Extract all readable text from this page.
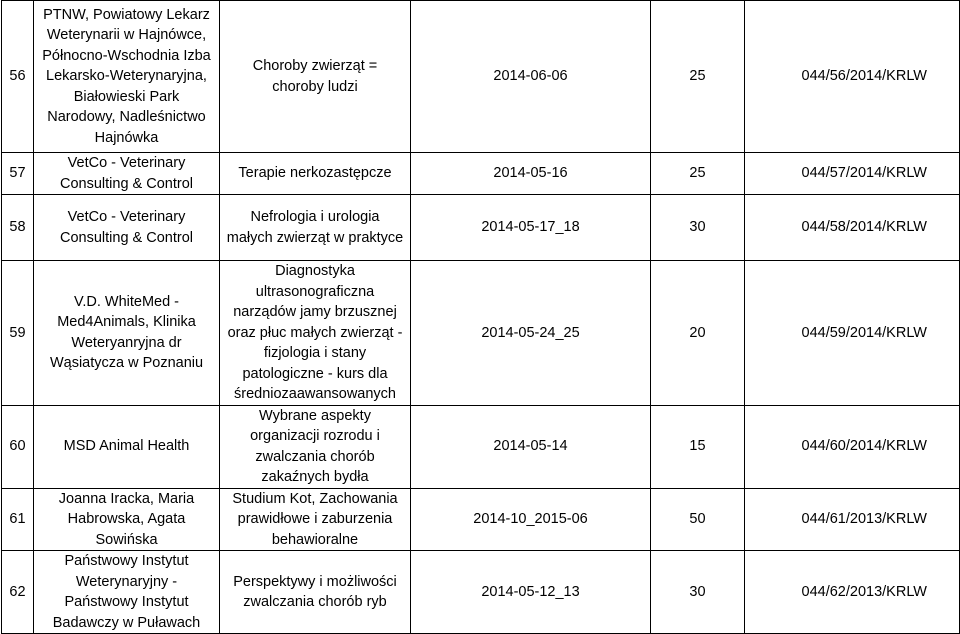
56	PTNW, Powiatowy Lekarz Weterynarii w Hajnówce, Północno-Wschodnia Izba Lekarsko-Weterynaryjna, Białowieski Park Narodowy, Nadleśnictwo Hajnówka	Choroby zwierząt = choroby ludzi	2014-06-06	25	044/56/2014/KRLW
57	VetCo - Veterinary Consulting & Control	Terapie nerkozastępcze	2014-05-16	25	044/57/2014/KRLW
58	VetCo - Veterinary Consulting & Control	Nefrologia i urologia małych zwierząt w praktyce	2014-05-17_18	30	044/58/2014/KRLW
59	V.D. WhiteMed - Med4Animals, Klinika Weteryanryjna dr Wąsiatycza w Poznaniu	Diagnostyka ultrasonograficzna narządów jamy brzusznej oraz płuc małych zwierząt - fizjologia i stany patologiczne - kurs dla średniozaawansowanych	2014-05-24_25	20	044/59/2014/KRLW
60	MSD Animal Health	Wybrane aspekty organizacji rozrodu i zwalczania chorób zakaźnych bydła	2014-05-14	15	044/60/2014/KRLW
61	Joanna Iracka, Maria Habrowska, Agata Sowińska	Studium Kot, Zachowania prawidłowe i zaburzenia behawioralne	2014-10_2015-06	50	044/61/2013/KRLW
62	Państwowy Instytut Weterynaryjny - Państwowy Instytut Badawczy w Puławach	Perspektywy i możliwości zwalczania chorób ryb	2014-05-12_13	30	044/62/2013/KRLW
